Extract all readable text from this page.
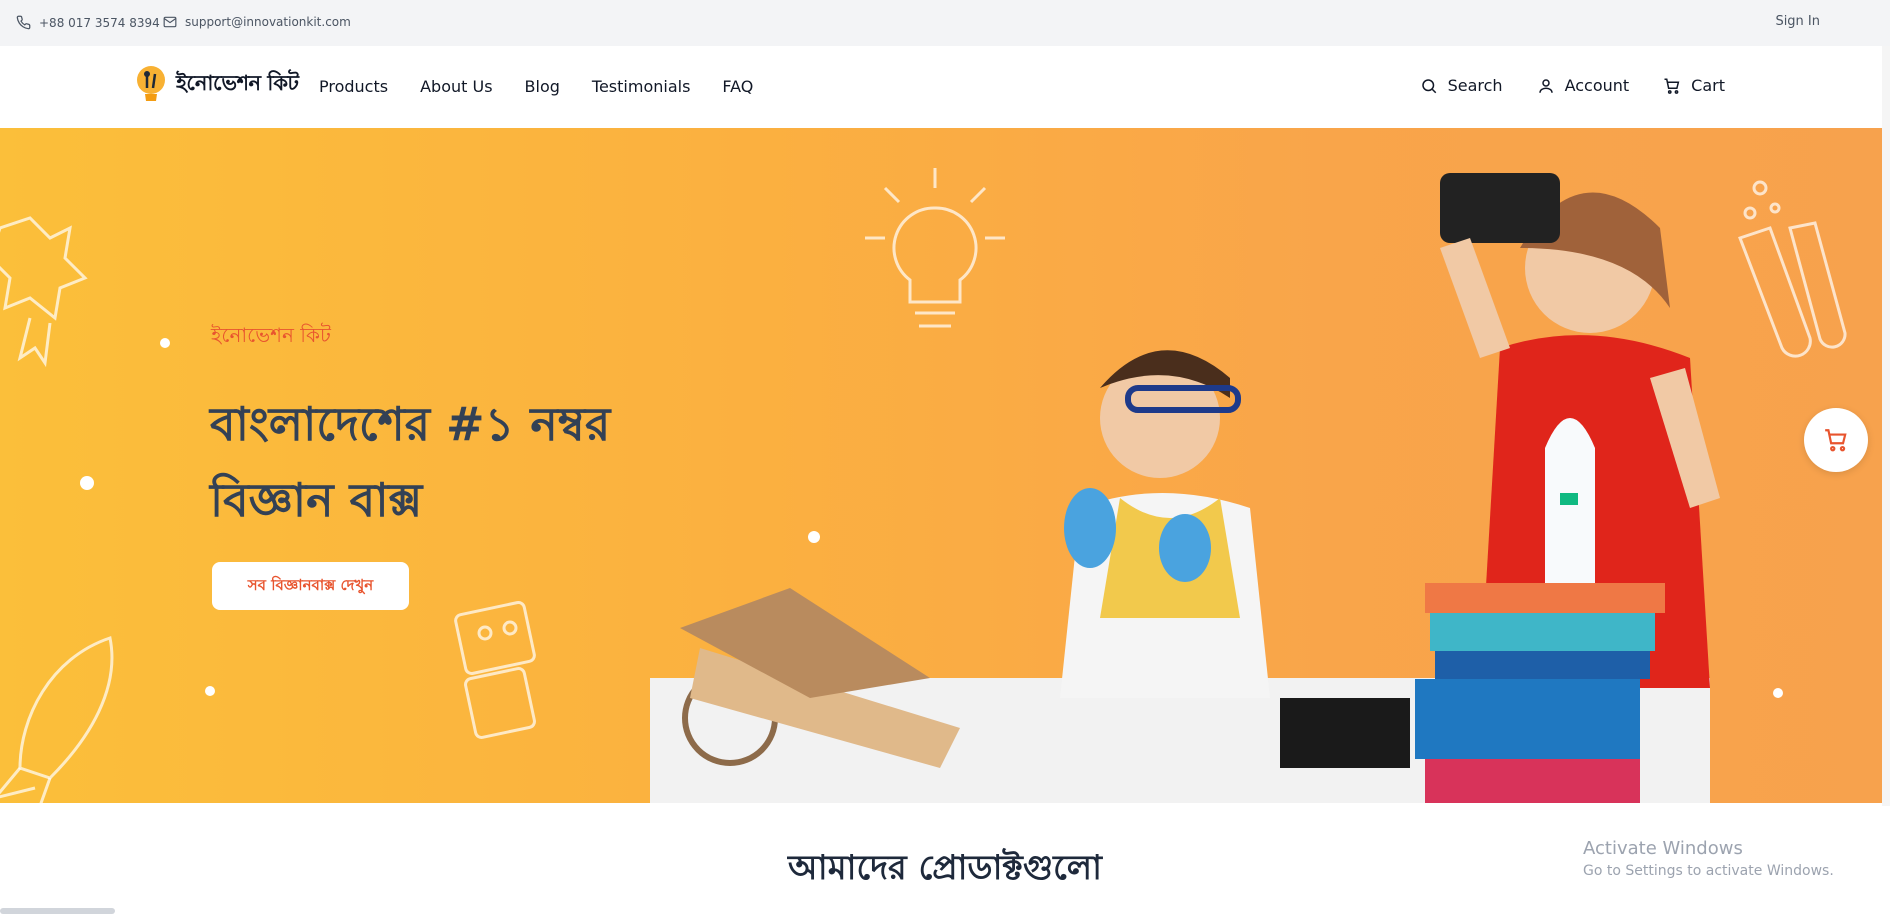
+88 017 3574 8394 support@innovationkit.com	Sign In
ইনোভেশন কিট Products About Us Blog Testimonials FAQ	Search	Account	Cart
ইনোভেশন কিট
বাংলাদেশের #১ নম্বর
বিজ্ঞান বাক্স
সব বিজ্ঞানবাক্স দেখুন
আমাদের প্রোডাক্টগুলো	Activate Windows
Go to Settings to activate Windows.
